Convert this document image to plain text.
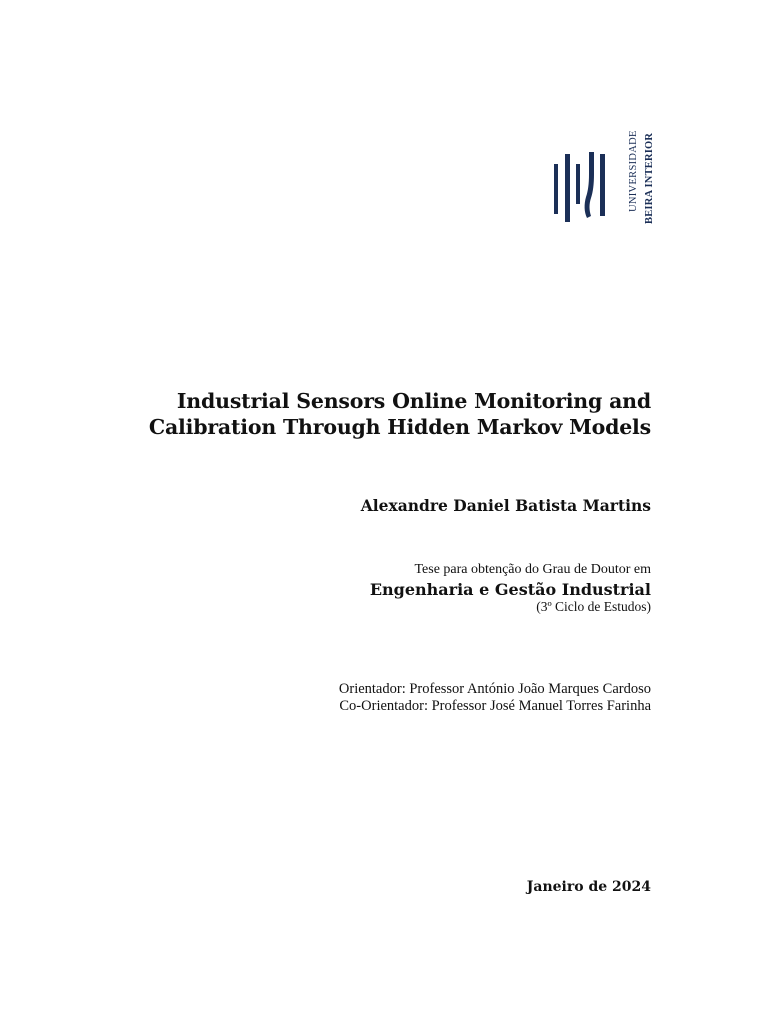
UNIVERSIDADE BEIRA INTERIOR
Industrial Sensors Online Monitoring and
Calibration Through Hidden Markov Models
Alexandre Daniel Batista Martins
Tese para obtenção do Grau de Doutor em
Engenharia e Gestão Industrial
(3º Ciclo de Estudos)
Orientador: Professor António João Marques Cardoso
Co-Orientador: Professor José Manuel Torres Farinha
Janeiro de 2024
